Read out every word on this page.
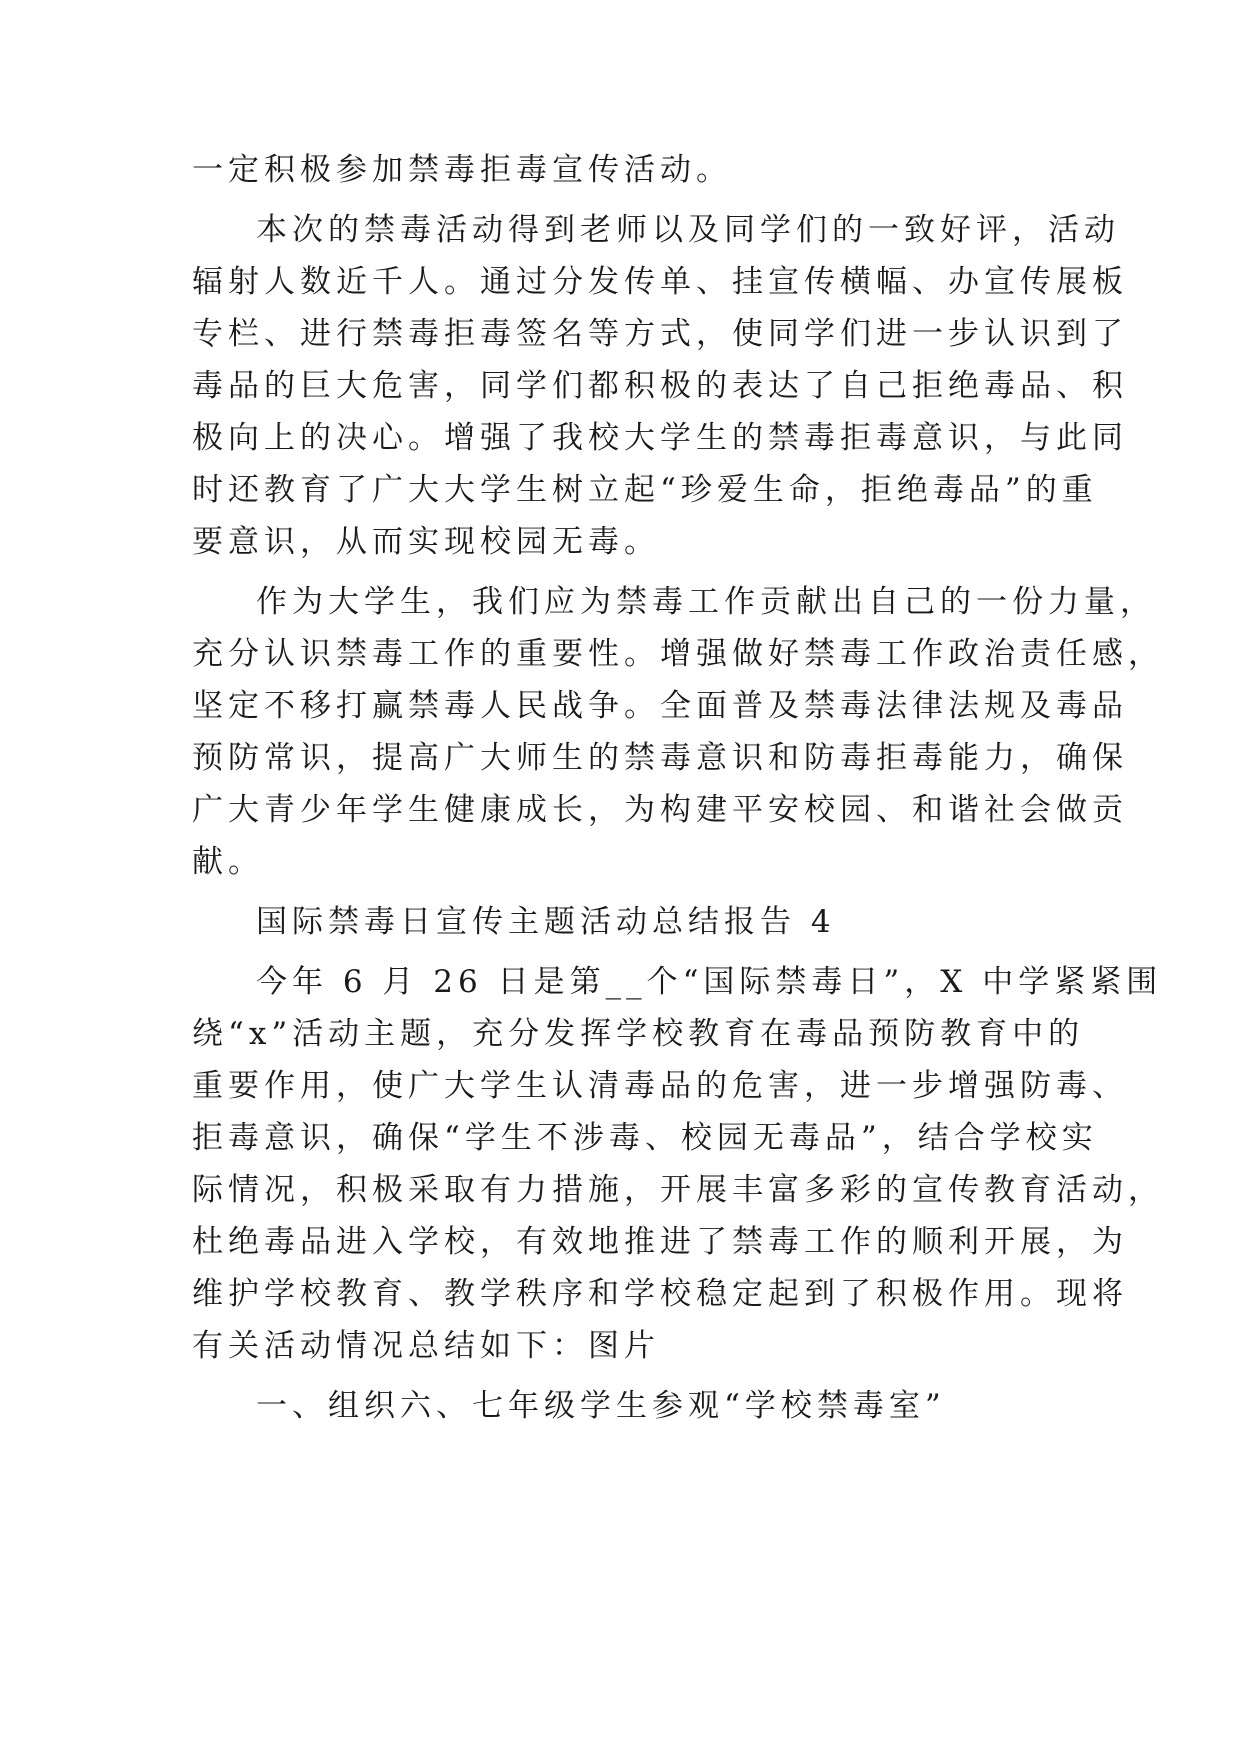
一定积极参加禁毒拒毒宣传活动。
本次的禁毒活动得到老师以及同学们的一致好评，活动
辐射人数近千人。通过分发传单、挂宣传横幅、办宣传展板
专栏、进行禁毒拒毒签名等方式，使同学们进一步认识到了
毒品的巨大危害，同学们都积极的表达了自己拒绝毒品、积
极向上的决心。增强了我校大学生的禁毒拒毒意识，与此同
时还教育了广大大学生树立起“珍爱生命，拒绝毒品”的重
要意识，从而实现校园无毒。
作为大学生，我们应为禁毒工作贡献出自己的一份力量，
充分认识禁毒工作的重要性。增强做好禁毒工作政治责任感，
坚定不移打赢禁毒人民战争。全面普及禁毒法律法规及毒品
预防常识，提高广大师生的禁毒意识和防毒拒毒能力，确保
广大青少年学生健康成长，为构建平安校园、和谐社会做贡
献。
国际禁毒日宣传主题活动总结报告 4
今年 6 月 26 日是第__个“国际禁毒日”，X 中学紧紧围
绕“x”活动主题，充分发挥学校教育在毒品预防教育中的
重要作用，使广大学生认清毒品的危害，进一步增强防毒、
拒毒意识，确保“学生不涉毒、校园无毒品”，结合学校实
际情况，积极采取有力措施，开展丰富多彩的宣传教育活动，
杜绝毒品进入学校，有效地推进了禁毒工作的顺利开展，为
维护学校教育、教学秩序和学校稳定起到了积极作用。现将
有关活动情况总结如下：图片
一、组织六、七年级学生参观“学校禁毒室”
